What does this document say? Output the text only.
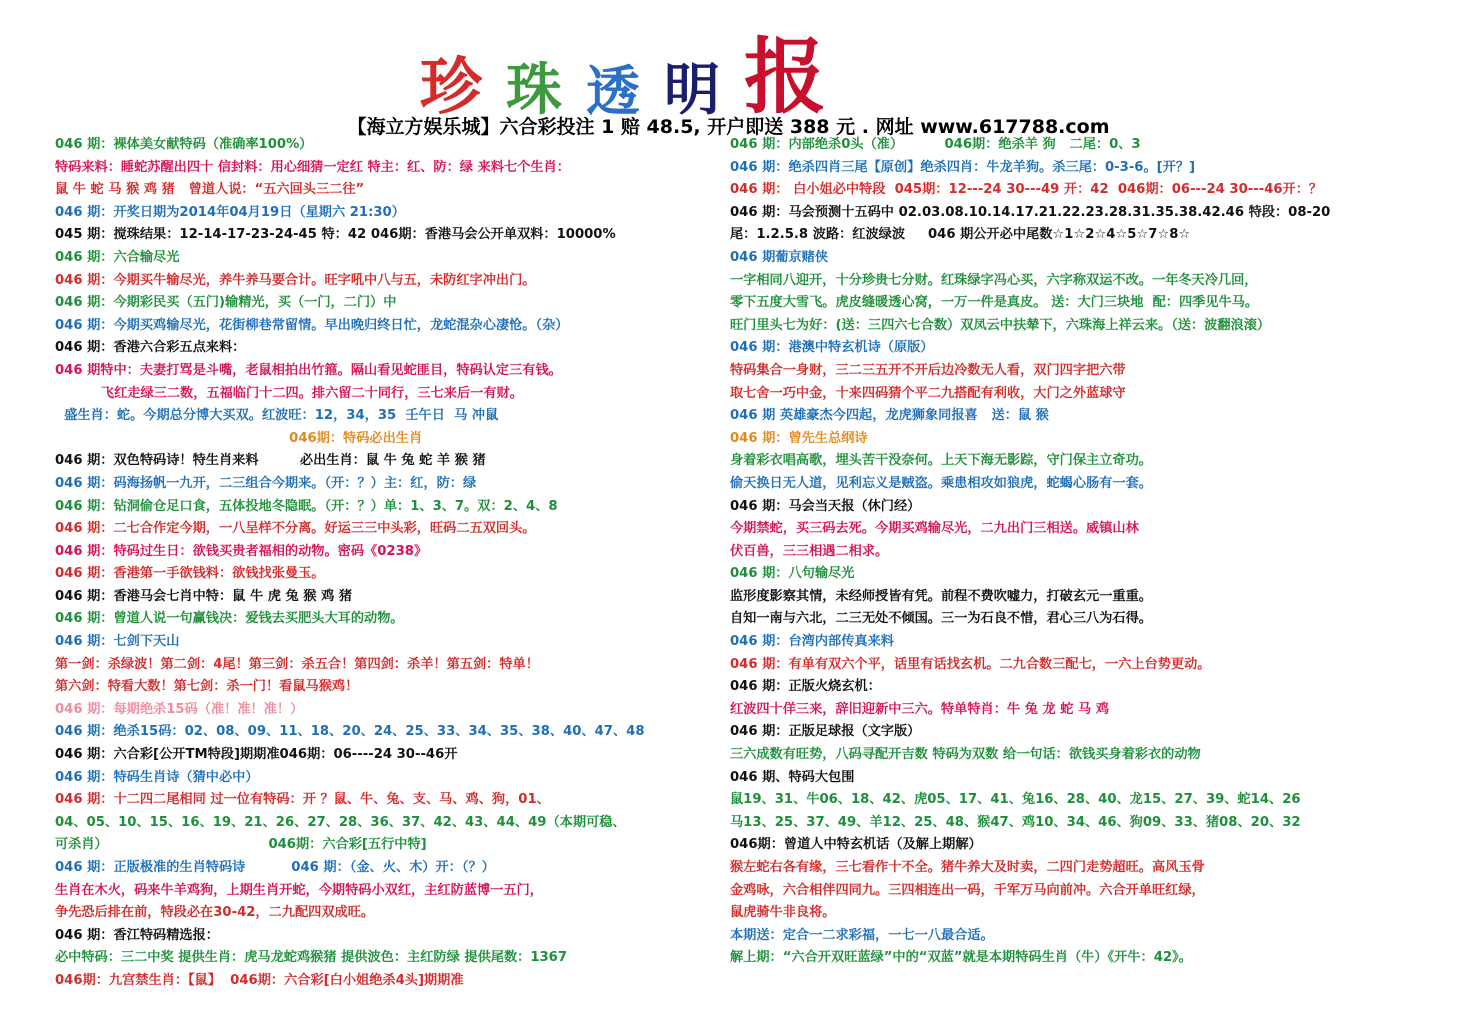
珍 珠 透 明 报
【海立方娱乐城】六合彩投注 1 赔 48.5, 开户即送 388 元 . 网址 www.617788.com
046 期：裸体美女献特码（准确率100%）
特码来料：睡蛇苏醒出四十 信封料：用心细猜一定红 特主：红、防：绿 来料七个生肖：
鼠 牛 蛇 马 猴 鸡 猪   曾道人说：“五六回头三二往”
046 期：开奖日期为2014年04月19日（星期六 21:30）
045 期：搅珠结果：12-14-17-23-24-45 特：42 046期：香港马会公开单双料：10000%
046 期：六合输尽光
046 期：今期买牛输尽光，养牛养马要合计。旺字吼中八与五，未防红字冲出门。
046 期：今期彩民买（五门)输精光，买（一门，二门）中
046 期：今期买鸡输尽光，花街柳巷常留情。早出晚归终日忙，龙蛇混杂心凄怆。（杂）
046 期：香港六合彩五点来料：
046 期特中：夫妻打骂是斗嘴，老鼠相拍出竹箍。隔山看见蛇匪目，特码认定三有钱。
飞红走绿三二数，五福临门十二四。排六留二十同行，三七来后一有财。
盛生肖：蛇。今期总分博大买双。红波旺：12，34，35  壬午日  马 冲鼠
046期：特码必出生肖
046 期：双色特码诗！特生肖来料         必出生肖：鼠 牛 兔 蛇 羊 猴 猪
046 期：码海扬帆一九开，二三组合今期来。（开：？）主：红，防：绿
046 期：钻洞偷仓足口食，五体投地冬隐眠。（开：？）单：1、3、7。双：2、4、8
046 期：二七合作定今期，一八呈样不分离。好运三三中头彩，旺码二五双回头。
046 期：特码过生日：欲钱买贵者福相的动物。密码《0238》
046 期：香港第一手欲钱料：欲钱找张曼玉。
046 期：香港马会七肖中特：鼠 牛 虎 兔 猴 鸡 猪
046 期：曾道人说一句赢钱决：爱钱去买肥头大耳的动物。
046 期：七剑下天山
第一剑：杀绿波！第二剑：4尾！第三剑：杀五合！第四剑：杀羊！第五剑：特单！
第六剑：特看大数！第七剑：杀一门！看鼠马猴鸡！
046 期：每期绝杀15码（准！准！准！）
046 期：绝杀15码：02、08、09、11、18、20、24、25、33、34、35、38、40、47、48
046 期：六合彩[公开TM特段]期期准046期：06----24 30--46开
046 期：特码生肖诗（猜中必中）
046 期：十二四二尾相同 过一位有特码：开 ？鼠、牛、兔、支、马、鸡、狗，01、
04、05、10、15、16、19、21、26、27、28、36、37、42、43、44、49（本期可稳、
可杀肖）                                   046期：六合彩[五行中特]
046 期：正版极准的生肖特码诗          046 期：（金、火、木）开：（？）
生肖在木火，码来牛羊鸡狗，上期生肖开蛇，今期特码小双红，主红防蓝博一五门，
争先恐后排在前，特段必在30-42，二九配四双成旺。
046 期：香江特码精选报：
必中特码：三二中奖 提供生肖：虎马龙蛇鸡猴猪 提供波色：主红防绿 提供尾数：1367
046期：九宫禁生肖：【鼠】  046期：六合彩[白小姐绝杀4头]期期准
046 期：内部绝杀0头（准）         046期：绝杀羊 狗   二尾：0、3
046 期：绝杀四肖三尾【原创】绝杀四肖：牛龙羊狗。杀三尾：0-3-6。[开？]
046 期： 白小姐必中特段  045期：12---24 30---49 开：42  046期：06---24 30---46开：？
046 期：马会预测十五码中 02.03.08.10.14.17.21.22.23.28.31.35.38.42.46 特段：08-20
尾：1.2.5.8 波路：红波绿波     046 期公开必中尾数☆1☆2☆4☆5☆7☆8☆
046 期葡京赌侠
一字相同八迎开，十分珍贵七分财。红珠绿字冯心买，六字称双运不改。一年冬天冷几回，
零下五度大雪飞。虎皮缝暖透心窝，一万一件是真皮。 送：大门三块地  配：四季见牛马。
旺门里头七为好：(送：三四六七合数）双凤云中扶辇下，六珠海上祥云来。（送：波翻浪滚）
046 期：港澳中特玄机诗（原版）
特码集合一身财，三二三五开不开后边冷数无人看，双门四字把六带
取七舍一巧中金，十来四码猜个平二九搭配有利收，大门之外蓝球守
046 期 英雄豪杰今四起，龙虎狮象同报喜   送：鼠 猴
046 期：曾先生总纲诗
身着彩衣唱高歌，埋头苦干没奈何。上天下海无影踪，守门保主立奇功。
偷天换日无人道，见利忘义是贼盗。乘患相攻如狼虎，蛇蝎心肠有一套。
046 期：马会当天报（休门经）
今期禁蛇，买三码去死。今期买鸡输尽光，二九出门三相送。威镇山林
伏百兽，三三相遇二相求。
046 期：八句输尽光
监形度影察其情，未经师授皆有凭。前程不费吹嘘力，打破玄元一重重。
自知一南与六北，二三无处不倾国。三一为石良不惜，君心三八为石得。
046 期：台湾内部传真来料
046 期：有单有双六个平，话里有话找玄机。二九合数三配七，一六上台势更动。
046 期：正版火烧玄机：
红波四十佯三来，辞旧迎新中三六。特单特肖：牛 兔 龙 蛇 马 鸡
046 期：正版足球报（文字版）
三六成数有旺势，八码寻配开吉数 特码为双数 给一句话：欲钱买身着彩衣的动物
046 期、特码大包围
鼠19、31、牛06、18、42、虎05、17、41、兔16、28、40、龙15、27、39、蛇14、26
马13、25、37、49、羊12、25、48、猴47、鸡10、34、46、狗09、33、猪08、20、32
046期：曾道人中特玄机话（及解上期解）
猴左蛇右各有缘，三七看作十不全。猪牛养大及时卖，二四门走势超旺。高风玉骨
金鸡咏，六合相伴四同九。三四相连出一码，千军万马向前冲。六合开单旺红绿，
鼠虎骑牛非良将。
本期送：定合一二求彩福，一七一八最合适。
解上期：“六合开双旺蓝绿”中的“双蓝”就是本期特码生肖（牛）《开牛：42》。
